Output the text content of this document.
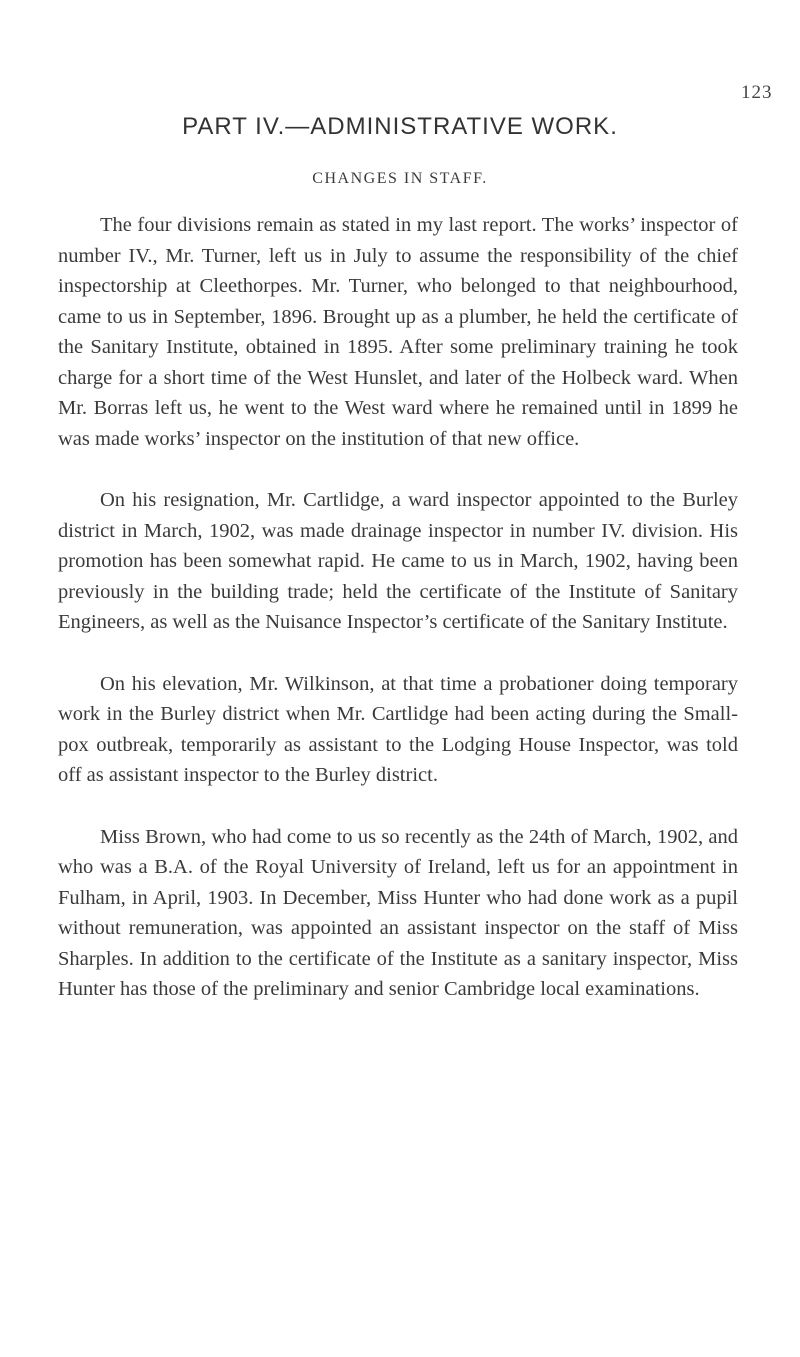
123
PART IV.—ADMINISTRATIVE WORK.
CHANGES IN STAFF.

The four divisions remain as stated in my last report. The works’ inspector of number IV., Mr. Turner, left us in July to assume the responsibility of the chief inspectorship at Cleethorpes. Mr. Turner, who belonged to that neighbourhood, came to us in September, 1896. Brought up as a plumber, he held the certificate of the Sanitary Institute, obtained in 1895. After some preliminary training he took charge for a short time of the West Hunslet, and later of the Holbeck ward. When Mr. Borras left us, he went to the West ward where he remained until in 1899 he was made works’ inspector on the institution of that new office.

On his resignation, Mr. Cartlidge, a ward inspector appointed to the Burley district in March, 1902, was made drainage inspector in number IV. division. His promotion has been somewhat rapid. He came to us in March, 1902, having been previously in the building trade; held the certificate of the Institute of Sanitary Engineers, as well as the Nuisance Inspector’s certificate of the Sanitary Institute.

On his elevation, Mr. Wilkinson, at that time a probationer doing temporary work in the Burley district when Mr. Cartlidge had been acting during the Small-pox outbreak, temporarily as assistant to the Lodging House Inspector, was told off as assistant inspector to the Burley district.

Miss Brown, who had come to us so recently as the 24th of March, 1902, and who was a B.A. of the Royal University of Ireland, left us for an appointment in Fulham, in April, 1903. In December, Miss Hunter who had done work as a pupil without remuneration, was appointed an assistant inspector on the staff of Miss Sharples. In addition to the certificate of the Institute as a sanitary inspector, Miss Hunter has those of the preliminary and senior Cambridge local examinations.
